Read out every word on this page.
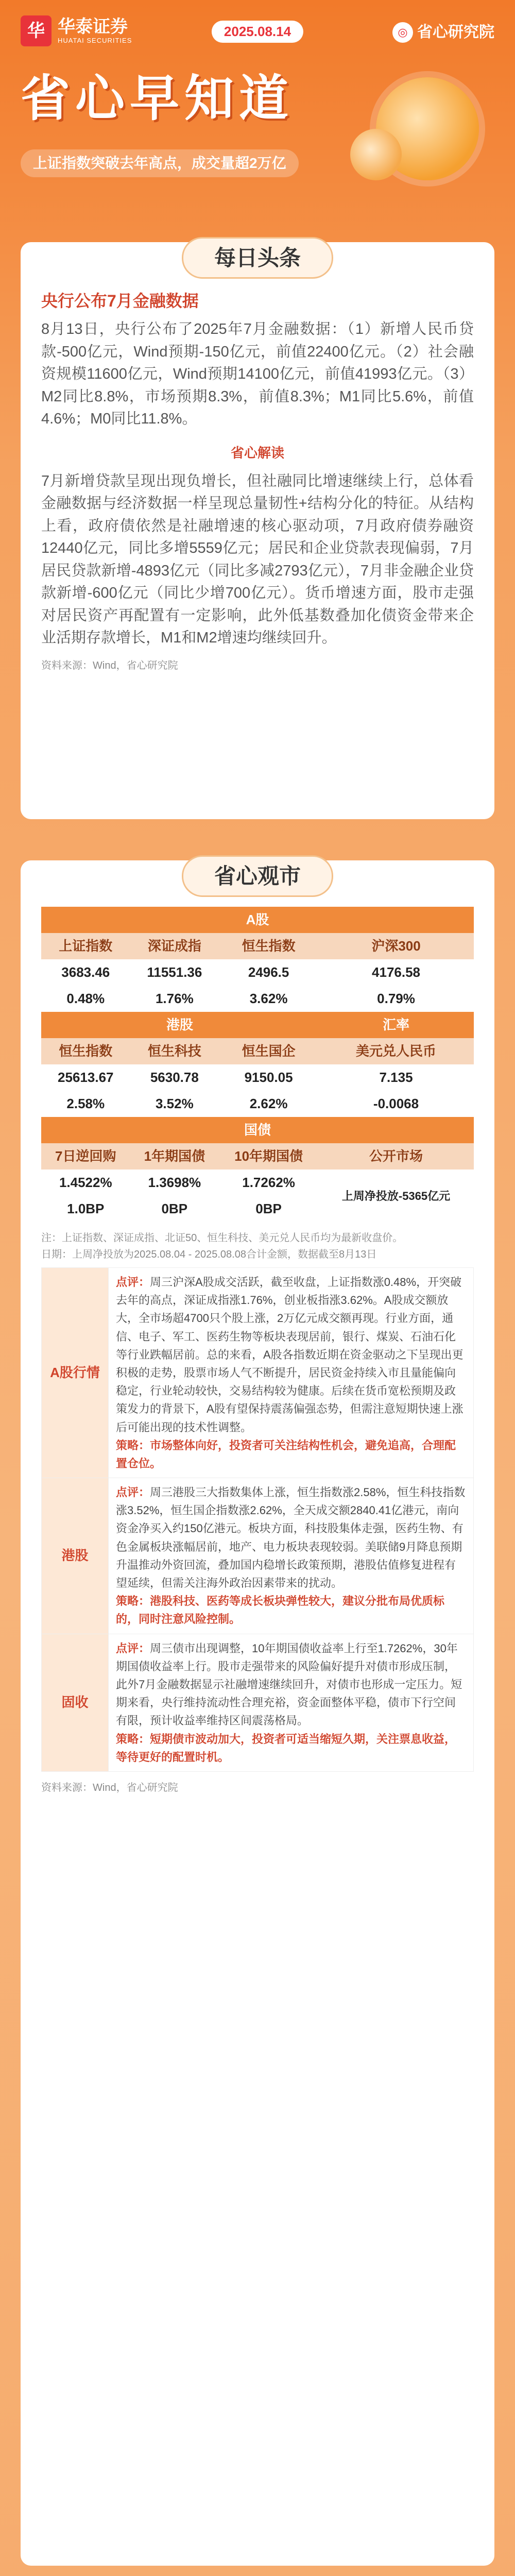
华 华泰证券
HUATAI SECURITIES
2025.08.14	◎ 省心研究院
省心早知道
上证指数突破去年高点，成交量超2万亿
每日头条
央行公布7月金融数据

8月13日，央行公布了2025年7月金融数据：（1）新增人民币贷款-500亿元，Wind预期-150亿元，前值22400亿元。（2）社会融资规模11600亿元，Wind预期14100亿元，前值41993亿元。（3）M2同比8.8%，市场预期8.3%，前值8.3%；M1同比5.6%，前值4.6%；M0同比11.8%。

省心解读

7月新增贷款呈现出现负增长，但社融同比增速继续上行，总体看金融数据与经济数据一样呈现总量韧性+结构分化的特征。从结构上看，政府债依然是社融增速的核心驱动项，7月政府债券融资12440亿元，同比多增5559亿元；居民和企业贷款表现偏弱，7月居民贷款新增-4893亿元（同比多减2793亿元），7月非金融企业贷款新增-600亿元（同比少增700亿元）。货币增速方面，股市走强对居民资产再配置有一定影响，此外低基数叠加化债资金带来企业活期存款增长，M1和M2增速均继续回升。

资料来源：Wind，省心研究院
省心观市
A股			
上证指数	深证成指	恒生指数	沪深300
3683.46	11551.36	2496.5	4176.58
0.48%	1.76%	3.62%	0.79%
港股			汇率
恒生指数	恒生科技	恒生国企	美元兑人民币
25613.67	5630.78	9150.05	7.135
2.58%	3.52%	2.62%	-0.0068
国债			
7日逆回购	1年期国债	10年期国债	公开市场
1.4522%	1.3698%	1.7262%	上周净投放-5365亿元
1.0BP	0BP	0BP	
注：上证指数、深证成指、北证50、恒生科技、美元兑人民币均为最新收盘价。
日期：上周净投放为2025.08.04 - 2025.08.08合计金额，数据截至8月13日
A股行情	点评：周三沪深A股成交活跃，截至收盘，上证指数涨0.48%，开突破去年的高点，深证成指涨1.76%，创业板指涨3.62%。A股成交额放大，全市场超4700只个股上涨，2万亿元成交额再现。行业方面，通信、电子、军工、医药生物等板块表现居前，银行、煤炭、石油石化等行业跌幅居前。总的来看，A股各指数近期在资金驱动之下呈现出更积极的走势，股票市场人气不断提升，居民资金持续入市且量能偏向稳定，行业轮动较快，交易结构较为健康。后续在货币宽松预期及政策发力的背景下，A股有望保持震荡偏强态势，但需注意短期快速上涨后可能出现的技术性调整。
策略：市场整体向好，投资者可关注结构性机会，避免追高，合理配置仓位。
港股	点评：周三港股三大指数集体上涨，恒生指数涨2.58%，恒生科技指数涨3.52%，恒生国企指数涨2.62%，全天成交额2840.41亿港元，南向资金净买入约150亿港元。板块方面，科技股集体走强，医药生物、有色金属板块涨幅居前，地产、电力板块表现较弱。美联储9月降息预期升温推动外资回流，叠加国内稳增长政策预期，港股估值修复进程有望延续，但需关注海外政治因素带来的扰动。
策略：港股科技、医药等成长板块弹性较大，建议分批布局优质标的，同时注意风险控制。
固收	点评：周三债市出现调整，10年期国债收益率上行至1.7262%，30年期国债收益率上行。股市走强带来的风险偏好提升对债市形成压制，此外7月金融数据显示社融增速继续回升，对债市也形成一定压力。短期来看，央行维持流动性合理充裕，资金面整体平稳，债市下行空间有限，预计收益率维持区间震荡格局。
策略：短期债市波动加大，投资者可适当缩短久期，关注票息收益，等待更好的配置时机。
资料来源：Wind，省心研究院
